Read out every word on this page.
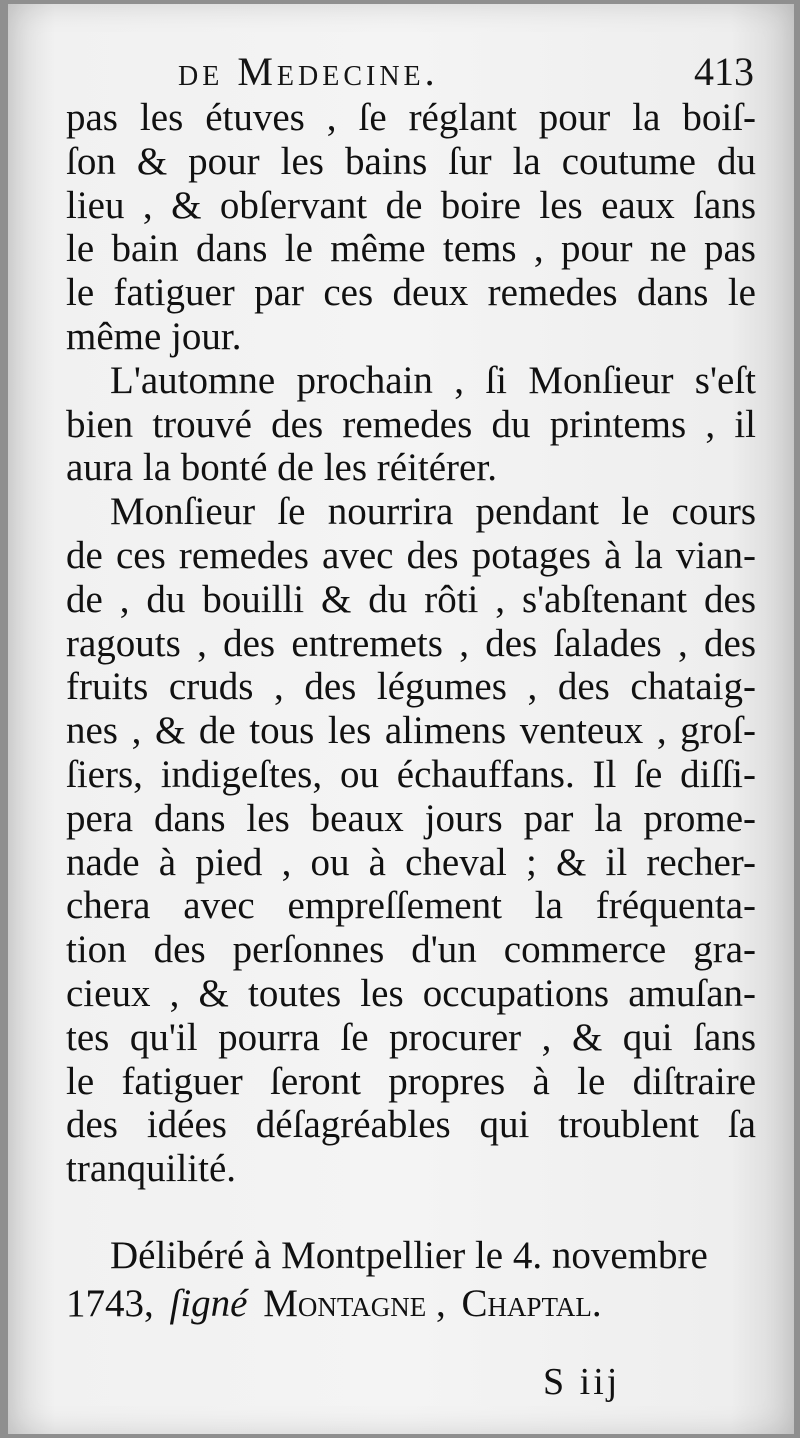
de Medecine.	413
pas les étuves , ſe réglant pour la boiſ-
ſon & pour les bains ſur la coutume du
lieu , & obſervant de boire les eaux ſans
le bain dans le même tems , pour ne pas
le fatiguer par ces deux remedes dans le
même jour.
L'automne prochain , ſi Monſieur s'eſt
bien trouvé des remedes du printems , il
aura la bonté de les réitérer.
Monſieur ſe nourrira pendant le cours
de ces remedes avec des potages à la vian-
de , du bouilli & du rôti , s'abſtenant des
ragouts , des entremets , des ſalades , des
fruits cruds , des légumes , des chataig-
nes , & de tous les alimens venteux , groſ-
ſiers, indigeſtes, ou échauffans. Il ſe diſſi-
pera dans les beaux jours par la prome-
nade à pied , ou à cheval ; & il recher-
chera avec empreſſement la fréquenta-
tion des perſonnes d'un commerce gra-
cieux , & toutes les occupations amuſan-
tes qu'il pourra ſe procurer , & qui ſans
le fatiguer ſeront propres à le diſtraire
des idées déſagréables qui troublent ſa
tranquilité.
Délibéré à Montpellier le 4. novembre
1743, ſigné Montagne , Chaptal.
S iij
